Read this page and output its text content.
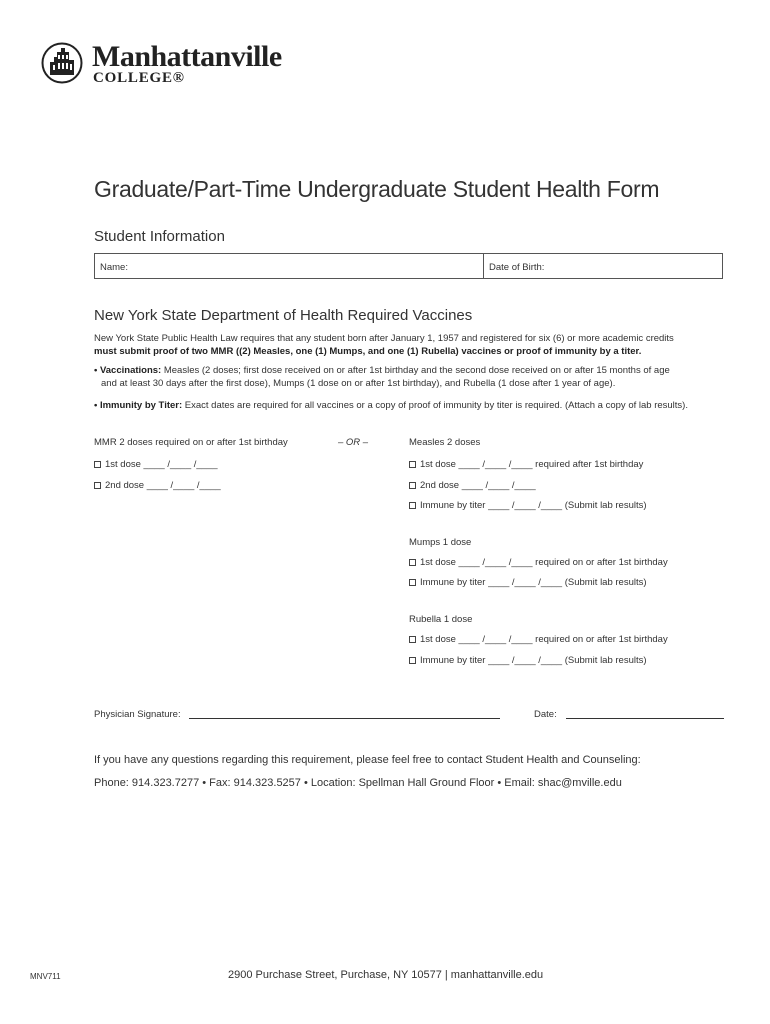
Manhattanville
COLLEGE®
Graduate/Part-Time Undergraduate Student Health Form
Student Information
Name:	Date of Birth:
New York State Department of Health Required Vaccines
New York State Public Health Law requires that any student born after January 1, 1957 and registered for six (6) or more academic credits
must submit proof of two MMR ((2) Measles, one (1) Mumps, and one (1) Rubella) vaccines or proof of immunity by a titer.
• Vaccinations: Measles (2 doses; first dose received on or after 1st birthday and the second dose received on or after 15 months of age
and at least 30 days after the first dose), Mumps (1 dose on or after 1st birthday), and Rubella (1 dose after 1 year of age).
• Immunity by Titer: Exact dates are required for all vaccines or a copy of proof of immunity by titer is required. (Attach a copy of lab results).
MMR 2 doses required on or after 1st birthday	– OR –
1st dose ____ /____ /____
2nd dose ____ /____ /____
Measles 2 doses
1st dose ____ /____ /____ required after 1st birthday
2nd dose ____ /____ /____
Immune by titer ____ /____ /____ (Submit lab results)
Mumps 1 dose
1st dose ____ /____ /____ required on or after 1st birthday
Immune by titer ____ /____ /____ (Submit lab results)
Rubella 1 dose
1st dose ____ /____ /____ required on or after 1st birthday
Immune by titer ____ /____ /____ (Submit lab results)
Physician Signature:	Date:
If you have any questions regarding this requirement, please feel free to contact Student Health and Counseling:
Phone: 914.323.7277 • Fax: 914.323.5257 • Location: Spellman Hall Ground Floor • Email: shac@mville.edu
MNV711	2900 Purchase Street, Purchase, NY 10577 | manhattanville.edu
